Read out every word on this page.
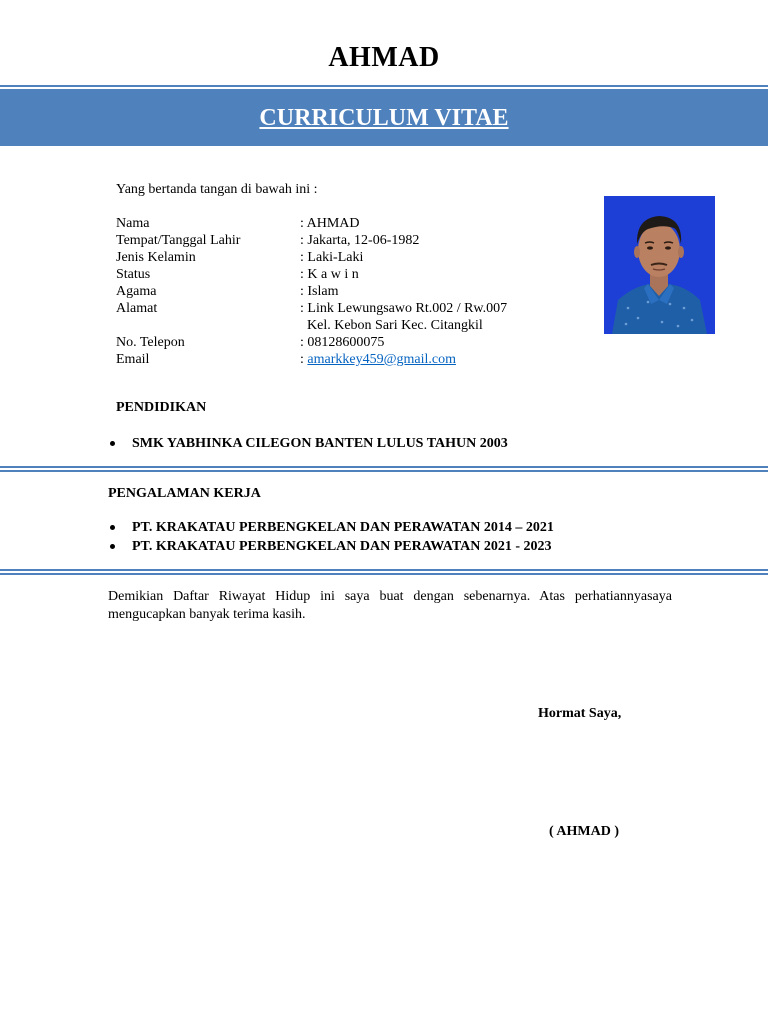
AHMAD
CURRICULUM VITAE
Yang bertanda tangan di bawah ini :
Nama	: AHMAD
Tempat/Tanggal Lahir	: Jakarta, 12-06-1982
Jenis Kelamin	: Laki-Laki
Status	: K a w i n
Agama	: Islam
Alamat	: Link Lewungsawo Rt.002 / Rw.007
Kel. Kebon Sari Kec. Citangkil
No. Telepon	: 08128600075
Email	: amarkkey459@gmail.com
PENDIDIKAN
SMK YABHINKA CILEGON BANTEN LULUS TAHUN 2003
PENGALAMAN KERJA
PT. KRAKATAU PERBENGKELAN DAN PERAWATAN 2014 – 2021
PT. KRAKATAU PERBENGKELAN DAN PERAWATAN 2021 - 2023
Demikian Daftar Riwayat Hidup ini saya buat dengan sebenarnya. Atas perhatiannyasaya mengucapkan banyak terima kasih.
Hormat Saya,
( AHMAD )
